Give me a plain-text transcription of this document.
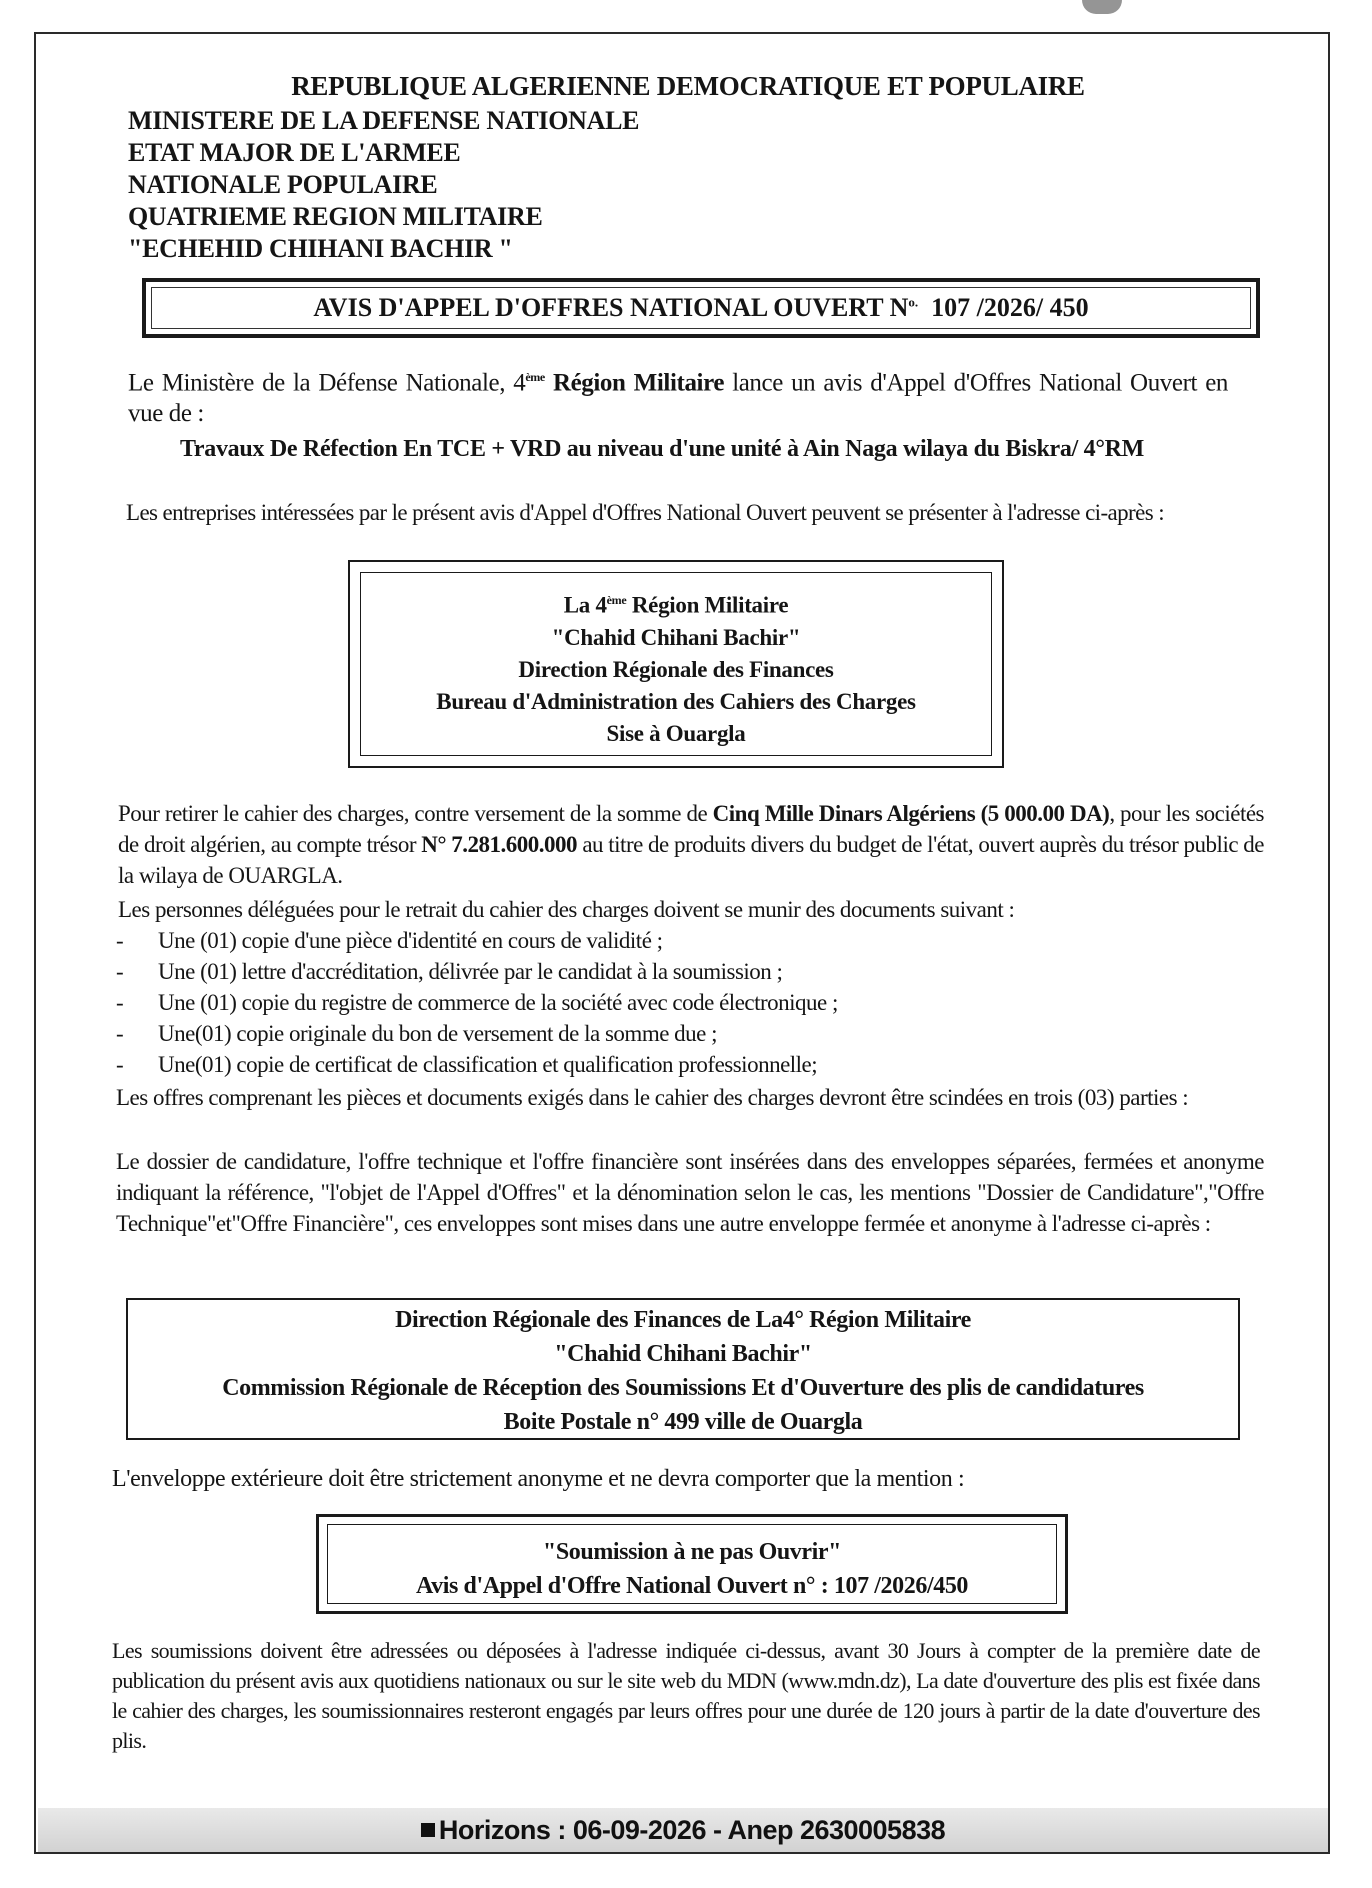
REPUBLIQUE ALGERIENNE DEMOCRATIQUE ET POPULAIRE
MINISTERE DE LA DEFENSE NATIONALE
ETAT MAJOR DE L'ARMEE
NATIONALE POPULAIRE
QUATRIEME REGION MILITAIRE
"ECHEHID CHIHANI BACHIR "
AVIS D'APPEL D'OFFRES NATIONAL OUVERT $N^{o.}$ 107 /2026/ 450
Le Ministère de la Défense Nationale, 4ème Région Militaire lance un avis d'Appel d'Offres National Ouvert en vue de :
Travaux De Réfection En TCE + VRD au niveau d'une unité à Ain Naga wilaya du Biskra/ 4°RM
Les entreprises intéressées par le présent avis d'Appel d'Offres National Ouvert peuvent se présenter à l'adresse ci-après :
La 4ème Région Militaire
"Chahid Chihani Bachir"
Direction Régionale des Finances
Bureau d'Administration des Cahiers des Charges
Sise à Ouargla
Pour retirer le cahier des charges, contre versement de la somme de Cinq Mille Dinars Algériens (5 000.00 DA), pour les sociétés de droit algérien, au compte trésor N° 7.281.600.000 au titre de produits divers du budget de l'état, ouvert auprès du trésor public de la wilaya de OUARGLA.
Les personnes déléguées pour le retrait du cahier des charges doivent se munir des documents suivant :
- Une (01) copie d'une pièce d'identité en cours de validité ;
- Une (01) lettre d'accréditation, délivrée par le candidat à la soumission ;
- Une (01) copie du registre de commerce de la société avec code électronique ;
- Une(01) copie originale du bon de versement de la somme due ;
- Une(01) copie de certificat de classification et qualification professionnelle;
Les offres comprenant les pièces et documents exigés dans le cahier des charges devront être scindées en trois (03) parties :
Le dossier de candidature, l'offre technique et l'offre financière sont insérées dans des enveloppes séparées, fermées et anonyme indiquant la référence, "l'objet de l'Appel d'Offres" et la dénomination selon le cas, les mentions "Dossier de Candidature","Offre Technique"et"Offre Financière", ces enveloppes sont mises dans une autre enveloppe fermée et anonyme à l'adresse ci-après :
Direction Régionale des Finances de La4° Région Militaire
"Chahid Chihani Bachir"
Commission Régionale de Réception des Soumissions Et d'Ouverture des plis de candidatures
Boite Postale n° 499 ville de Ouargla
L'enveloppe extérieure doit être strictement anonyme et ne devra comporter que la mention :
"Soumission à ne pas Ouvrir"
Avis d'Appel d'Offre National Ouvert n° : 107 /2026/450
Les soumissions doivent être adressées ou déposées à l'adresse indiquée ci-dessus, avant 30 Jours à compter de la première date de publication du présent avis aux quotidiens nationaux ou sur le site web du MDN (www.mdn.dz), La date d'ouverture des plis est fixée dans le cahier des charges, les soumissionnaires resteront engagés par leurs offres pour une durée de 120 jours à partir de la date d'ouverture des plis.
Horizons : 06-09-2026 - Anep 2630005838
